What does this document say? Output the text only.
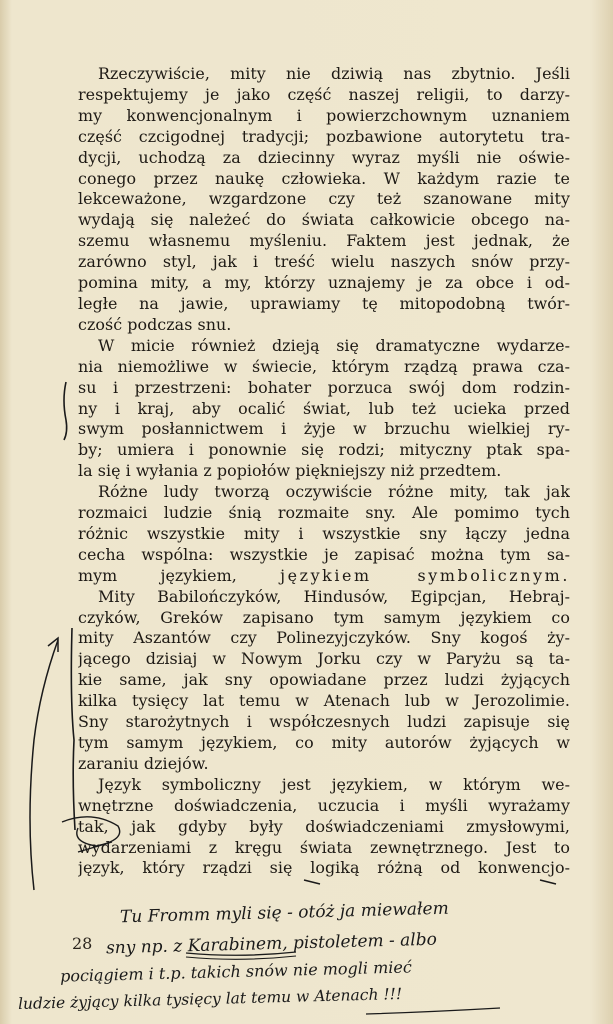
Rzeczywiście, mity nie dziwią nas zbytnio. Jeśli
respektujemy je jako część naszej religii, to darzy-
my konwencjonalnym i powierzchownym uznaniem
część czcigodnej tradycji; pozbawione autorytetu tra-
dycji, uchodzą za dziecinny wyraz myśli nie oświe-
conego przez naukę człowieka. W każdym razie te
lekceważone, wzgardzone czy też szanowane mity
wydają się należeć do świata całkowicie obcego na-
szemu własnemu myśleniu. Faktem jest jednak, że
zarówno styl, jak i treść wielu naszych snów przy-
pomina mity, a my, którzy uznajemy je za obce i od-
ległe na jawie, uprawiamy tę mitopodobną twór-
czość podczas snu.
W micie również dzieją się dramatyczne wydarze-
nia niemożliwe w świecie, którym rządzą prawa cza-
su i przestrzeni: bohater porzuca swój dom rodzin-
ny i kraj, aby ocalić świat, lub też ucieka przed
swym posłannictwem i żyje w brzuchu wielkiej ry-
by; umiera i ponownie się rodzi; mityczny ptak spa-
la się i wyłania z popiołów piękniejszy niż przedtem.
Różne ludy tworzą oczywiście różne mity, tak jak
rozmaici ludzie śnią rozmaite sny. Ale pomimo tych
różnic wszystkie mity i wszystkie sny łączy jedna
cecha wspólna: wszystkie je zapisać można tym sa-
mym językiem, językiem symbolicznym.
Mity Babilończyków, Hindusów, Egipcjan, Hebraj-
czyków, Greków zapisano tym samym językiem co
mity Aszantów czy Polinezyjczyków. Sny kogoś ży-
jącego dzisiaj w Nowym Jorku czy w Paryżu są ta-
kie same, jak sny opowiadane przez ludzi żyjących
kilka tysięcy lat temu w Atenach lub w Jerozolimie.
Sny starożytnych i współczesnych ludzi zapisuje się
tym samym językiem, co mity autorów żyjących w
zaraniu dziejów.
Język symboliczny jest językiem, w którym we-
wnętrzne doświadczenia, uczucia i myśli wyrażamy
tak, jak gdyby były doświadczeniami zmysłowymi,
wydarzeniami z kręgu świata zewnętrznego. Jest to
język, który rządzi się logiką różną od konwencjo-
28
Tu Fromm myli się - otóż ja miewałem
sny np. z Karabinem, pistoletem - albo
pociągiem i t.p. takich snów nie mogli mieć
ludzie żyjący kilka tysięcy lat temu w Atenach !!!
